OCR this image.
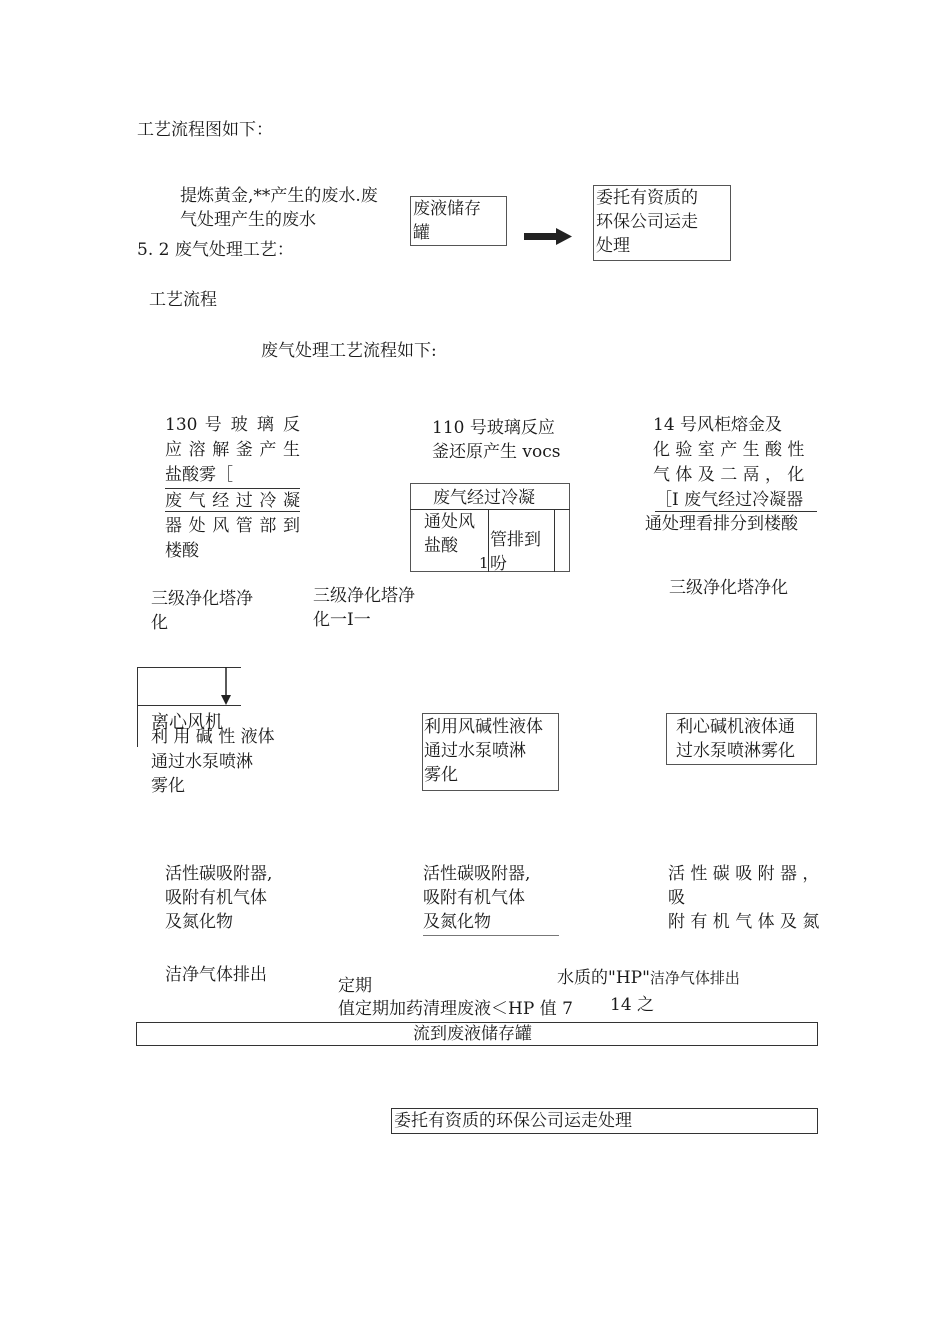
工艺流程图如下：
提炼黄金,**产生的废水.废
气处理产生的废水
废液储存
罐
委托有资质的
环保公司运走
处理
5. 2 废气处理工艺：
工艺流程
废气处理工艺流程如下:
130 号 玻 璃 反
应 溶 解 釜 产 生
盐酸雾［
废 气 经 过 冷 凝
器 处 风 管 部 到
楼酸
三级净化塔净
化
离心风机
利 用 碱 性 液体
通过水泵喷淋
雾化
活性碳吸附器,
吸附有机气体
及氮化物
洁净气体排出
110 号玻璃反应
釜还原产生 vocs
废气经过冷凝
通处风
盐酸	管排到
吩
1
三级净化塔净
化一I一
利用风碱性液体
通过水泵喷淋
雾化
活性碳吸附器,
吸附有机气体
及氮化物
14 号风柜熔金及
化 验 室 产 生 酸 性
气 体 及 二 鬲 ， 化
［I 废气经过冷凝器
通处理看排分到楼酸
三级净化塔净化
利心碱机液体通
过水泵喷淋雾化
活 性 碳 吸 附 器 ，
吸
附 有 机 气 体 及 氮
水质的"HP"洁净气体排出
14 之
定期
值定期加药清理废液＜HP 值 7
流到废液储存罐
委托有资质的环保公司运走处理
